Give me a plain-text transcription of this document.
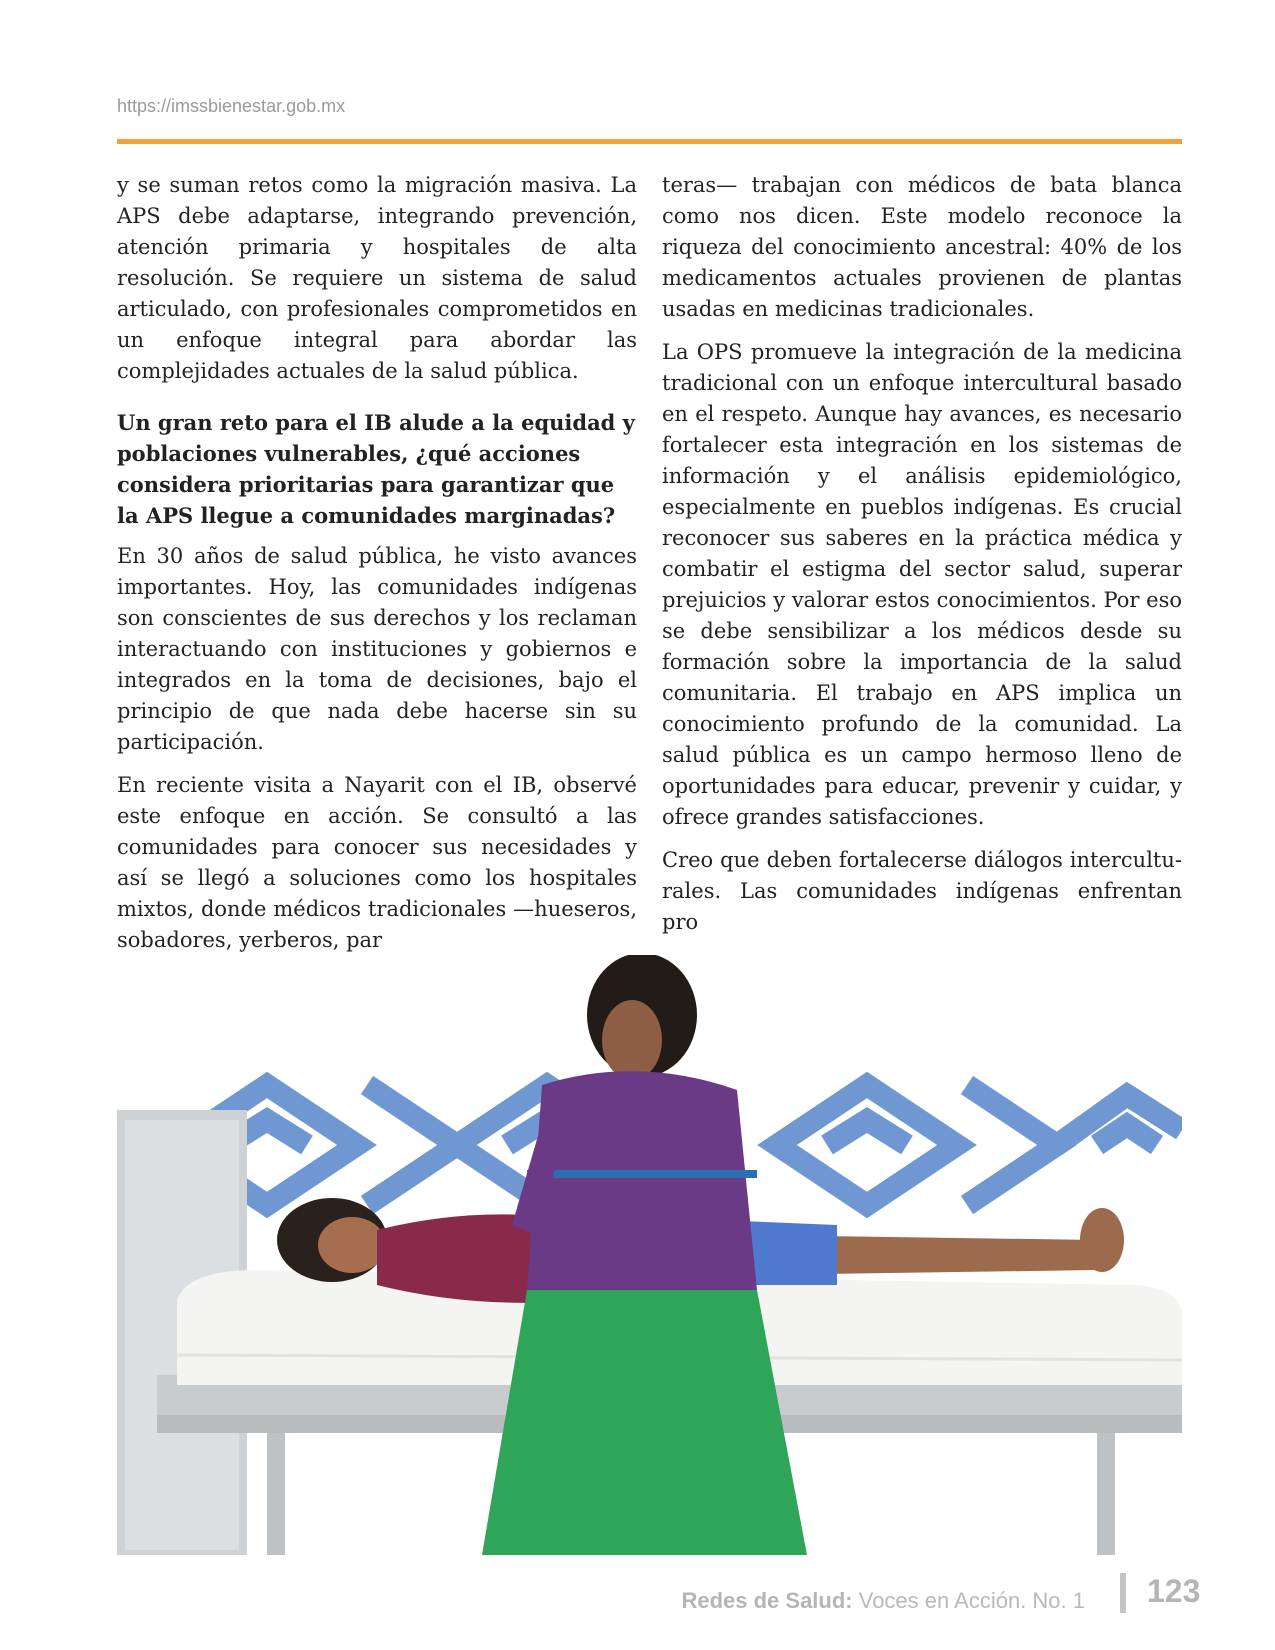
https://imssbienestar.gob.mx

y se suman retos como la migración masiva. La APS debe adaptarse, integrando prevención, atención primaria y hospitales de alta resolución. Se requiere un sistema de salud articulado, con profesionales comprometidos en un enfoque integral para abordar las complejidades actuales de la salud pública.

Un gran reto para el IB alude a la equidad y poblaciones vulnerables, ¿qué acciones considera prioritarias para garantizar que la APS llegue a comunidades marginadas?

En 30 años de salud pública, he visto avances importantes. Hoy, las comunidades indígenas son conscientes de sus derechos y los reclaman interactuando con instituciones y gobiernos e integrados en la toma de decisiones, bajo el principio de que nada debe hacerse sin su participación.

En reciente visita a Nayarit con el IB, observé este enfoque en acción. Se consultó a las comunidades para conocer sus necesidades y así se llegó a soluciones como los hospitales mixtos, donde médicos tradicionales —hueseros, sobadores, yerberos, par

teras— trabajan con médicos de bata blanca como nos dicen. Este modelo reconoce la riqueza del conocimiento ancestral: 40% de los medicamentos actuales provienen de plantas usadas en medicinas tradicionales.

La OPS promueve la integración de la medicina tradicional con un enfoque intercultural basado en el respeto. Aunque hay avances, es necesario fortalecer esta integración en los sistemas de información y el análisis epidemiológico, especialmente en pueblos indígenas. Es crucial reconocer sus saberes en la práctica médica y combatir el estigma del sector salud, superar prejuicios y valorar estos conocimientos. Por eso se debe sensibilizar a los médicos desde su formación sobre la importancia de la salud comunitaria. El trabajo en APS implica un conocimiento profundo de la comunidad. La salud pública es un campo hermoso lleno de oportunidades para educar, prevenir y cuidar, y ofrece grandes satisfacciones.

Creo que deben fortalecerse diálogos interculturales. Las comunidades indígenas enfrentan pro

Redes de Salud: Voces en Acción. No. 1 123
